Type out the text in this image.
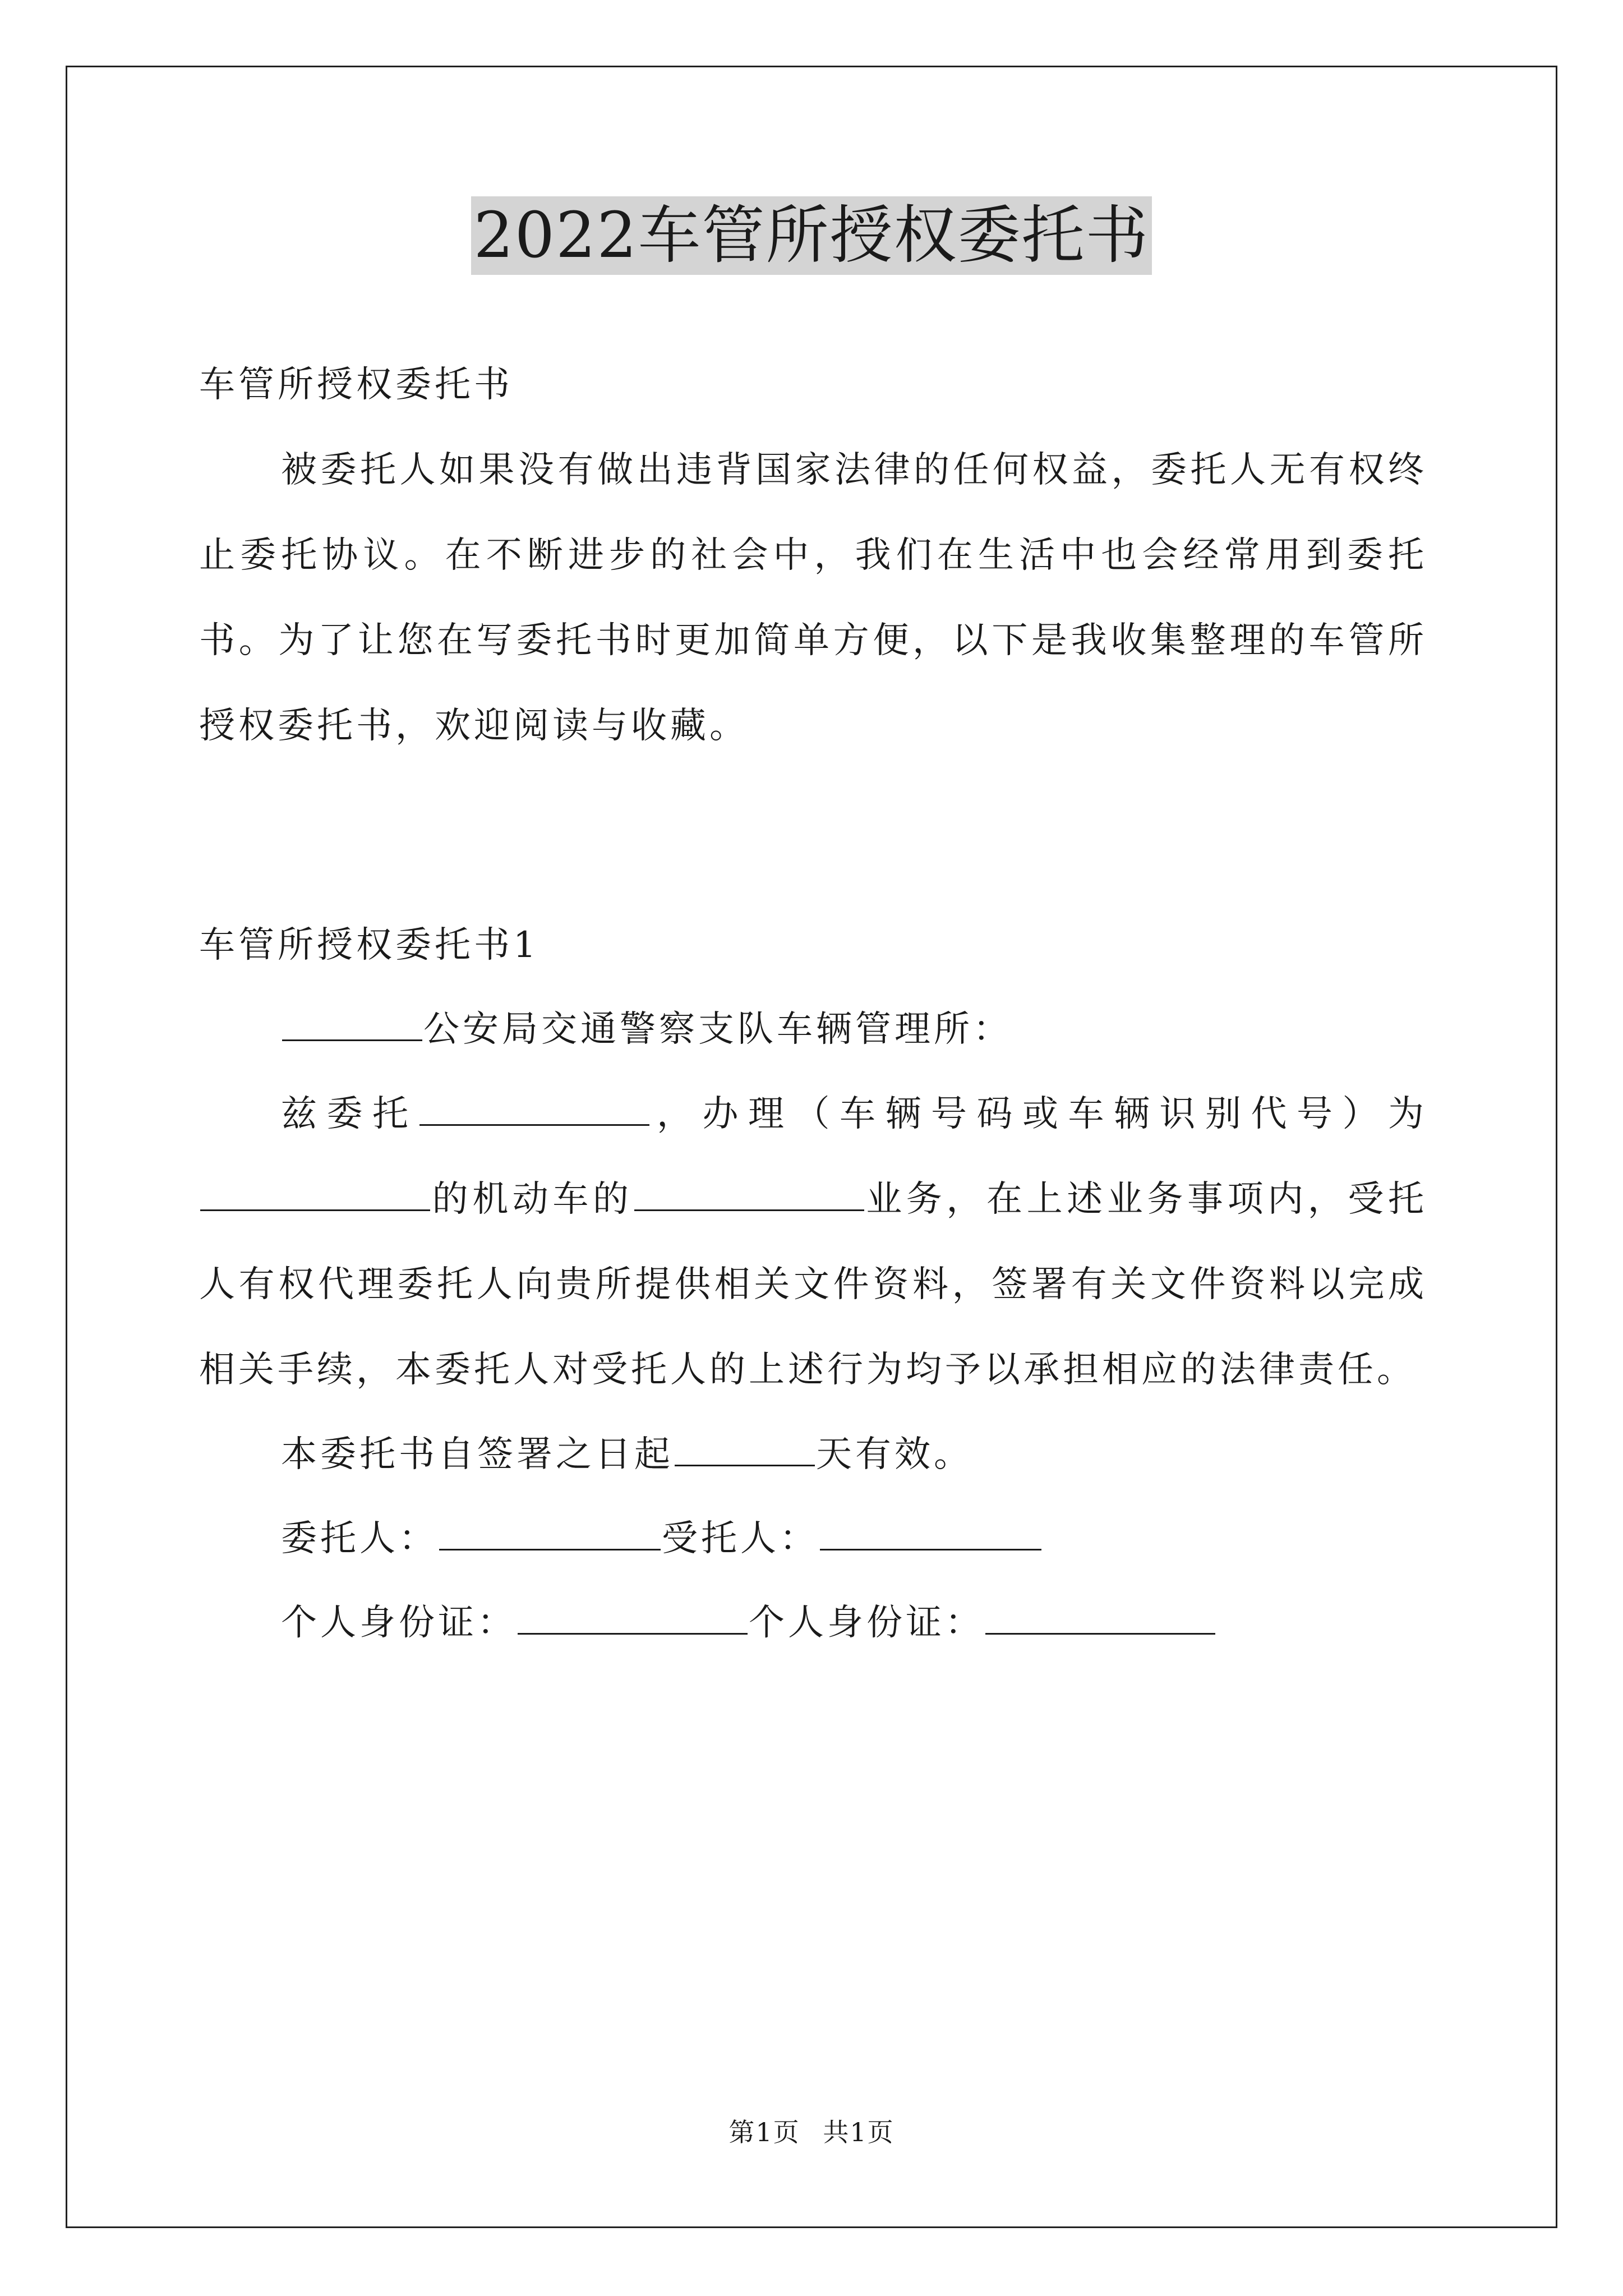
2022车管所授权委托书

车管所授权委托书

被委托人如果没有做出违背国家法律的任何权益，委托人无有权终止委托协议。在不断进步的社会中，我们在生活中也会经常用到委托书。为了让您在写委托书时更加简单方便，以下是我收集整理的车管所授权委托书，欢迎阅读与收藏。

车管所授权委托书1

公安局交通警察支队车辆管理所：

兹委托	，办理（车辆号码或车辆识别代号）为的机动车的	业务，在上述业务事项内，受托人有权代理委托人向贵所提供相关文件资料，签署有关文件资料以完成相关手续，本委托人对受托人的上述行为均予以承担相应的法律责任。

本委托书自签署之日起	天有效。

委托人：	受托人：

个人身份证：	个人身份证：

第1页 共1页
